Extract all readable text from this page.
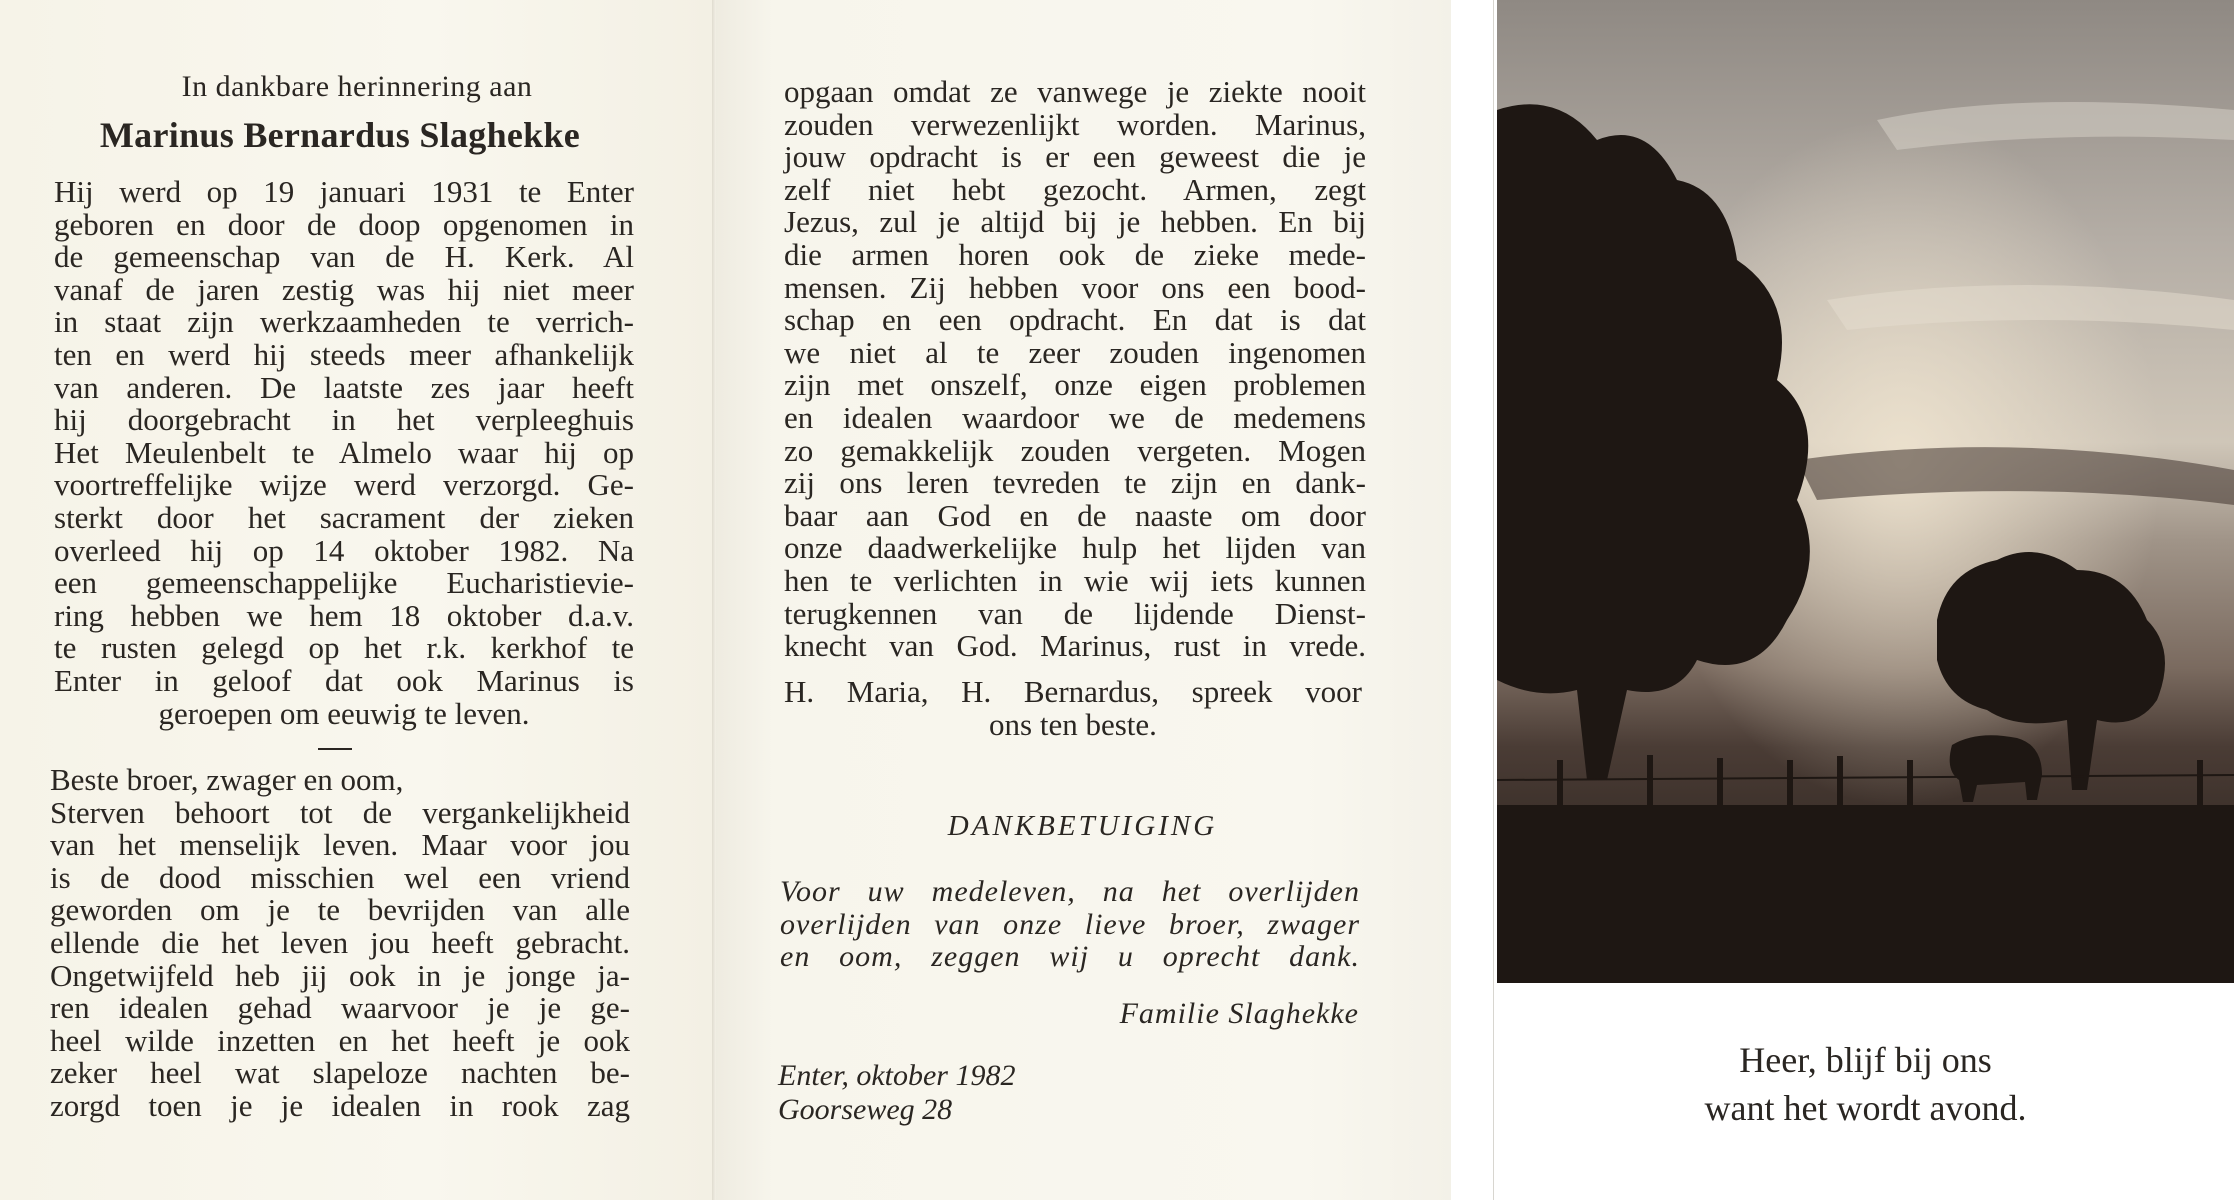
In dankbare herinnering aan
Marinus Bernardus Slaghekke
Hij werd op 19 januari 1931 te Enter
geboren en door de doop opgenomen in
de gemeenschap van de H. Kerk. Al
vanaf de jaren zestig was hij niet meer
in staat zijn werkzaamheden te verrich-
ten en werd hij steeds meer afhankelijk
van anderen. De laatste zes jaar heeft
hij doorgebracht in het verpleeghuis
Het Meulenbelt te Almelo waar hij op
voortreffelijke wijze werd verzorgd. Ge-
sterkt door het sacrament der zieken
overleed hij op 14 oktober 1982. Na
een gemeenschappelijke Eucharistievie-
ring hebben we hem 18 oktober d.a.v.
te rusten gelegd op het r.k. kerkhof te
Enter in geloof dat ook Marinus is
geroepen om eeuwig te leven.
Beste broer, zwager en oom,
Sterven behoort tot de vergankelijkheid
van het menselijk leven. Maar voor jou
is de dood misschien wel een vriend
geworden om je te bevrijden van alle
ellende die het leven jou heeft gebracht.
Ongetwijfeld heb jij ook in je jonge ja-
ren idealen gehad waarvoor je je ge-
heel wilde inzetten en het heeft je ook
zeker heel wat slapeloze nachten be-
zorgd toen je je idealen in rook zag
opgaan omdat ze vanwege je ziekte nooit
zouden verwezenlijkt worden. Marinus,
jouw opdracht is er een geweest die je
zelf niet hebt gezocht. Armen, zegt
Jezus, zul je altijd bij je hebben. En bij
die armen horen ook de zieke mede-
mensen. Zij hebben voor ons een bood-
schap en een opdracht. En dat is dat
we niet al te zeer zouden ingenomen
zijn met onszelf, onze eigen problemen
en idealen waardoor we de medemens
zo gemakkelijk zouden vergeten. Mogen
zij ons leren tevreden te zijn en dank-
baar aan God en de naaste om door
onze daadwerkelijke hulp het lijden van
hen te verlichten in wie wij iets kunnen
terugkennen van de lijdende Dienst-
knecht van God. Marinus, rust in vrede.
H. Maria, H. Bernardus, spreek voor
ons ten beste.
DANKBETUIGING
Voor uw medeleven, na het overlijden
overlijden van onze lieve broer, zwager
en oom, zeggen wij u oprecht dank.
Familie Slaghekke
Enter, oktober 1982
Goorseweg 28
Heer, blijf bij ons
want het wordt avond.
